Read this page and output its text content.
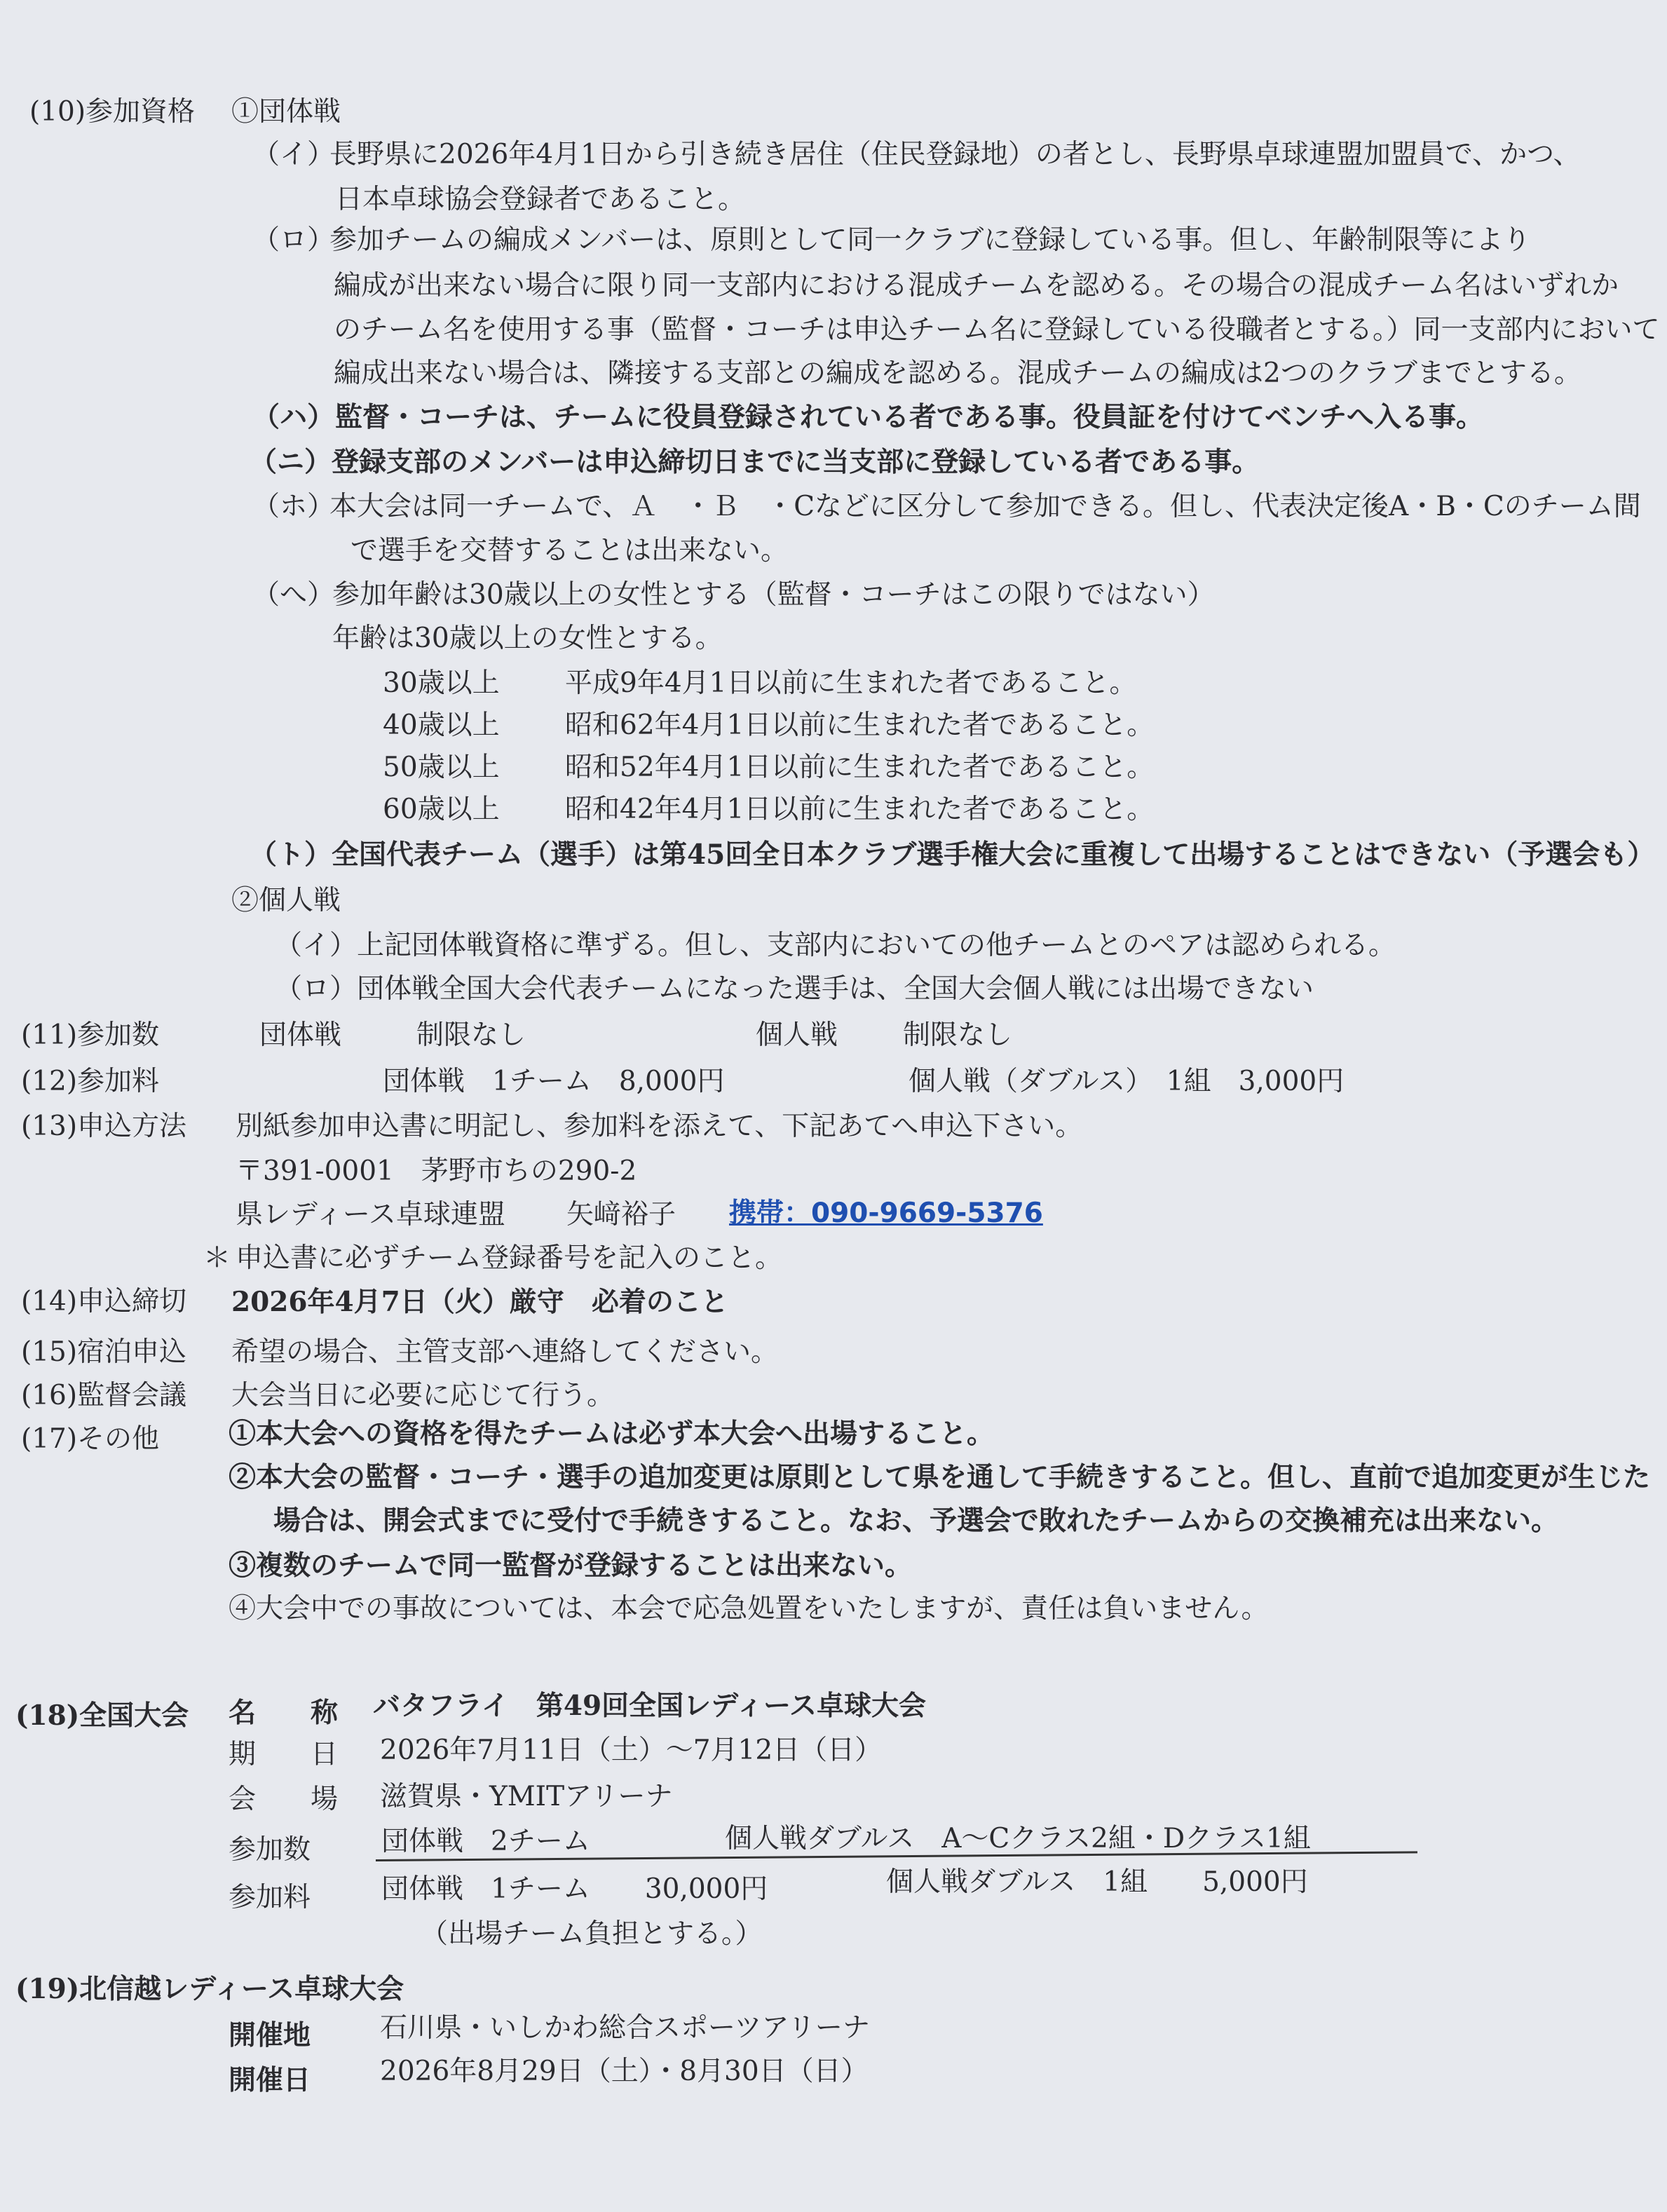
(10)参加資格 ①団体戦
（イ）
長野県に2026年4月1日から引き続き居住（住民登録地）の者とし、長野県卓球連盟加盟員で、かつ、
日本卓球協会登録者であること。
（ロ）
参加チームの編成メンバーは、原則として同一クラブに登録している事。但し、年齢制限等により
編成が出来ない場合に限り同一支部内における混成チームを認める。その場合の混成チーム名はいずれか
のチーム名を使用する事（監督・コーチは申込チーム名に登録している役職者とする。）同一支部内において
編成出来ない場合は、隣接する支部との編成を認める。混成チームの編成は2つのクラブまでとする。
（ハ） 監督・コーチは、チームに役員登録されている者である事。役員証を付けてベンチへ入る事。
（ニ）登録支部のメンバーは申込締切日までに当支部に登録している者である事。
（ホ）
本大会は同一チームで、Ａ　・Ｂ　・Cなどに区分して参加できる。但し、代表決定後A・B・Cのチーム間
で選手を交替することは出来ない。
（へ）
参加年齢は30歳以上の女性とする（監督・コーチはこの限りではない）
年齢は30歳以上の女性とする。
30歳以上 平成9年4月1日以前に生まれた者であること。
40歳以上 昭和62年4月1日以前に生まれた者であること。
50歳以上 昭和52年4月1日以前に生まれた者であること。
60歳以上 昭和42年4月1日以前に生まれた者であること。
（ト）全国代表チーム（選手）は第45回全日本クラブ選手権大会に重複して出場することはできない（予選会も）
②個人戦
（イ）上記団体戦資格に準ずる。但し、支部内においての他チームとのペアは認められる。
（ロ）団体戦全国大会代表チームになった選手は、全国大会個人戦には出場できない
(11)参加数	団体戦	制限なし	個人戦 制限なし
(12)参加料	団体戦　1チーム　8,000円	個人戦（ダブルス）　1組　3,000円
(13)申込方法 別紙参加申込書に明記し、参加料を添えて、下記あてへ申込下さい。
〒391-0001　茅野市ちの290-2
県レディース卓球連盟 矢﨑裕子 携帯：090-9669-5376
＊ 申込書に必ずチーム登録番号を記入のこと。
(14)申込締切 2026年4月7日（火）厳守　必着のこと
(15)宿泊申込 希望の場合、主管支部へ連絡してください。
(16)監督会議 大会当日に必要に応じて行う。
(17)その他	①本大会への資格を得たチームは必ず本大会へ出場すること。
②本大会の監督・コーチ・選手の追加変更は原則として県を通して手続きすること。但し、直前で追加変更が生じた
場合は、開会式までに受付で手続きすること。なお、予選会で敗れたチームからの交換補充は出来ない。
③複数のチームで同一監督が登録することは出来ない。
④大会中での事故については、本会で応急処置をいたしますが、責任は負いません。
(18)全国大会 名　　称 バタフライ　第49回全国レディース卓球大会
期　　日 2026年7月11日（土）～7月12日（日）
会　　場 滋賀県・YMITアリーナ
参加数	団体戦　2チーム	個人戦ダブルス　A～Cクラス2組・Dクラス1組
参加料	団体戦　1チーム　　30,000円	個人戦ダブルス　1組　　5,000円
（出場チーム負担とする。）
(19)北信越レディース卓球大会
開催地	石川県・いしかわ総合スポーツアリーナ
開催日	2026年8月29日（土）・8月30日（日）
